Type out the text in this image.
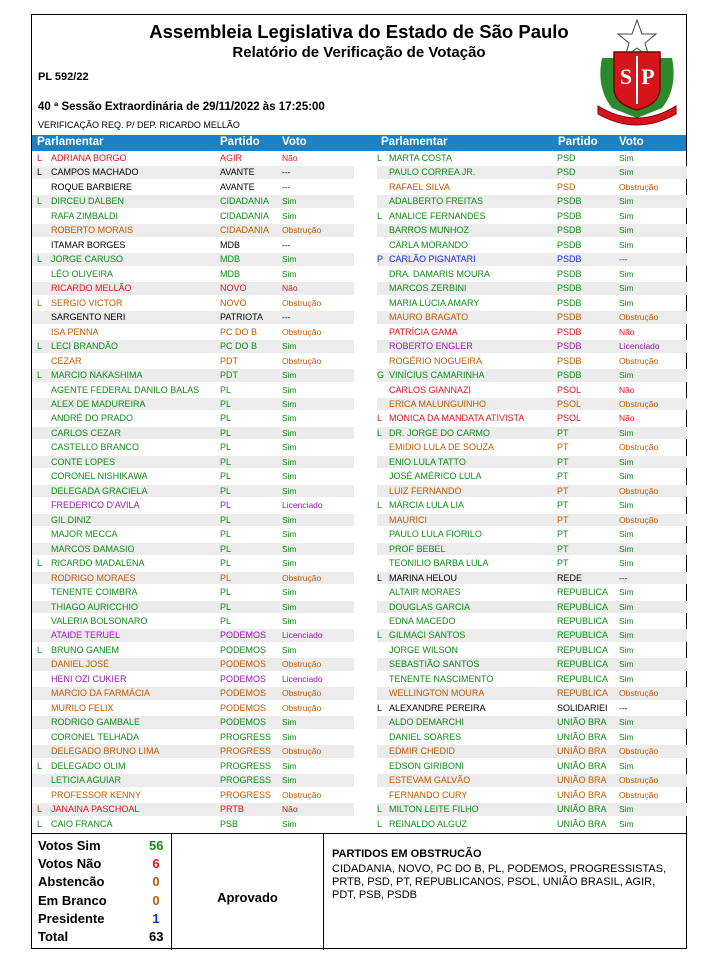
Assembleia Legislativa do Estado de São Paulo
Relatório de Verificação de Votação
PL 592/22
40 ª Sessão Extraordinária de 29/11/2022 às 17:25:00
VERIFICAÇÃO REQ. P/ DEP. RICARDO MELLÃO
S P
Parlamentar	Partido Voto	Parlamentar	Partido Voto
L ADRIANA BORGO	AGIR	Não
L CAMPOS MACHADO	AVANTE	---
ROQUE BARBIERE	AVANTE	---
L DIRCEU DALBEN	CIDADANIA	Sim
RAFA ZIMBALDI	CIDADANIA	Sim
ROBERTO MORAIS	CIDADANIA	Obstrução
ITAMAR BORGES	MDB	---
L JORGE CARUSO	MDB	Sim
LÉO OLIVEIRA	MDB	Sim
RICARDO MELLÃO	NOVO	Não
L SERGIO VICTOR	NOVO	Obstrução
SARGENTO NERI	PATRIOTA	---
ISA PENNA	PC DO B	Obstrução
L LECI BRANDÃO	PC DO B	Sim
CEZAR	PDT	Obstrução
L MARCIO NAKASHIMA	PDT	Sim
AGENTE FEDERAL DANILO BALAS PL	Sim
ALEX DE MADUREIRA	PL	Sim
ANDRÉ DO PRADO	PL	Sim
CARLOS CEZAR	PL	Sim
CASTELLO BRANCO	PL	Sim
CONTE LOPES	PL	Sim
CORONEL NISHIKAWA	PL	Sim
DELEGADA GRACIELA	PL	Sim
FREDERICO D'AVILA	PL	Licenciado
GIL DINIZ	PL	Sim
MAJOR MECCA	PL	Sim
MARCOS DAMASIO	PL	Sim
L RICARDO MADALENA	PL	Sim
RODRIGO MORAES	PL	Obstrução
TENENTE COIMBRA	PL	Sim
THIAGO AURICCHIO	PL	Sim
VALERIA BOLSONARO	PL	Sim
ATAIDE TERUEL	PODEMOS	Licenciado
L BRUNO GANEM	PODEMOS	Sim
DANIEL JOSÉ	PODEMOS	Obstrução
HENI OZI CUKIER	PODEMOS	Licenciado
MARCIO DA FARMÁCIA	PODEMOS	Obstrução
MURILO FELIX	PODEMOS	Obstrução
RODRIGO GAMBALE	PODEMOS	Sim
CORONEL TELHADA	PROGRESS	Sim
DELEGADO BRUNO LIMA	PROGRESS	Obstrução
L DELEGADO OLIM	PROGRESS	Sim
LETICIA AGUIAR	PROGRESS	Sim
PROFESSOR KENNY	PROGRESS	Obstrução
L JANAINA PASCHOAL	PRTB	Não
L CAIO FRANCA	PSB	Sim
L MARTA COSTA	PSD	Sim
PAULO CORREA JR.	PSD	Sim
RAFAEL SILVA	PSD	Obstrução
ADALBERTO FREITAS	PSDB	Sim
L ANALICE FERNANDES	PSDB	Sim
BARROS MUNHOZ	PSDB	Sim
CARLA MORANDO	PSDB	Sim
P CARLÃO PIGNATARI	PSDB	---
DRA. DAMARIS MOURA	PSDB	Sim
MARCOS ZERBINI	PSDB	Sim
MARIA LÚCIA AMARY	PSDB	Sim
MAURO BRAGATO	PSDB	Obstrução
PATRÍCIA GAMA	PSDB	Não
ROBERTO ENGLER	PSDB	Licenciado
ROGÉRIO NOGUEIRA	PSDB	Obstrução
G VINÍCIUS CAMARINHA	PSDB	Sim
CARLOS GIANNAZI	PSOL	Não
ERICA MALUNGUINHO	PSOL	Obstrução
L MONICA DA MANDATA ATIVISTA	PSOL	Não
L DR. JORGE DO CARMO	PT	Sim
EMIDIO LULA DE SOUZA	PT	Obstrução
ENIO LULA TATTO	PT	Sim
JOSÉ AMÉRICO LULA	PT	Sim
LUIZ FERNANDO	PT	Obstrução
L MÁRCIA LULA LIA	PT	Sim
MAURICI	PT	Obstrução
PAULO LULA FIORILO	PT	Sim
PROF BEBEL	PT	Sim
TEONILIO BARBA LULA	PT	Sim
L MARINA HELOU	REDE	---
ALTAIR MORAES	REPUBLICA	Sim
DOUGLAS GARCIA	REPUBLICA	Sim
EDNA MACEDO	REPUBLICA	Sim
L GILMACI SANTOS	REPUBLICA	Sim
JORGE WILSON	REPUBLICA	Sim
SEBASTIÃO SANTOS	REPUBLICA	Sim
TENENTE NASCIMENTO	REPUBLICA	Sim
WELLINGTON MOURA	REPUBLICA	Obstrução
L ALEXANDRE PEREIRA	SOLIDARIEI	---
ALDO DEMARCHI	UNIÃO BRA	Sim
DANIEL SOARES	UNIÃO BRA	Sim
EDMIR CHEDID	UNIÃO BRA	Obstrução
EDSON GIRIBONI	UNIÃO BRA	Sim
ESTEVAM GALVÃO	UNIÃO BRA	Obstrução
FERNANDO CURY	UNIÃO BRA	Obstrução
L MILTON LEITE FILHO	UNIÃO BRA	Sim
L REINALDO ALGUZ	UNIÃO BRA	Sim
Votos Sim	56
Votos Não	6
Abstencão	0
Em Branco	0
Presidente	1
Total	63
Aprovado
PARTIDOS EM OBSTRUCÃO
CIDADANIA, NOVO, PC DO B, PL, PODEMOS, PROGRESSISTAS, PRTB, PSD, PT, REPUBLICANOS, PSOL, UNIÃO BRASIL, AGIR, PDT, PSB, PSDB
